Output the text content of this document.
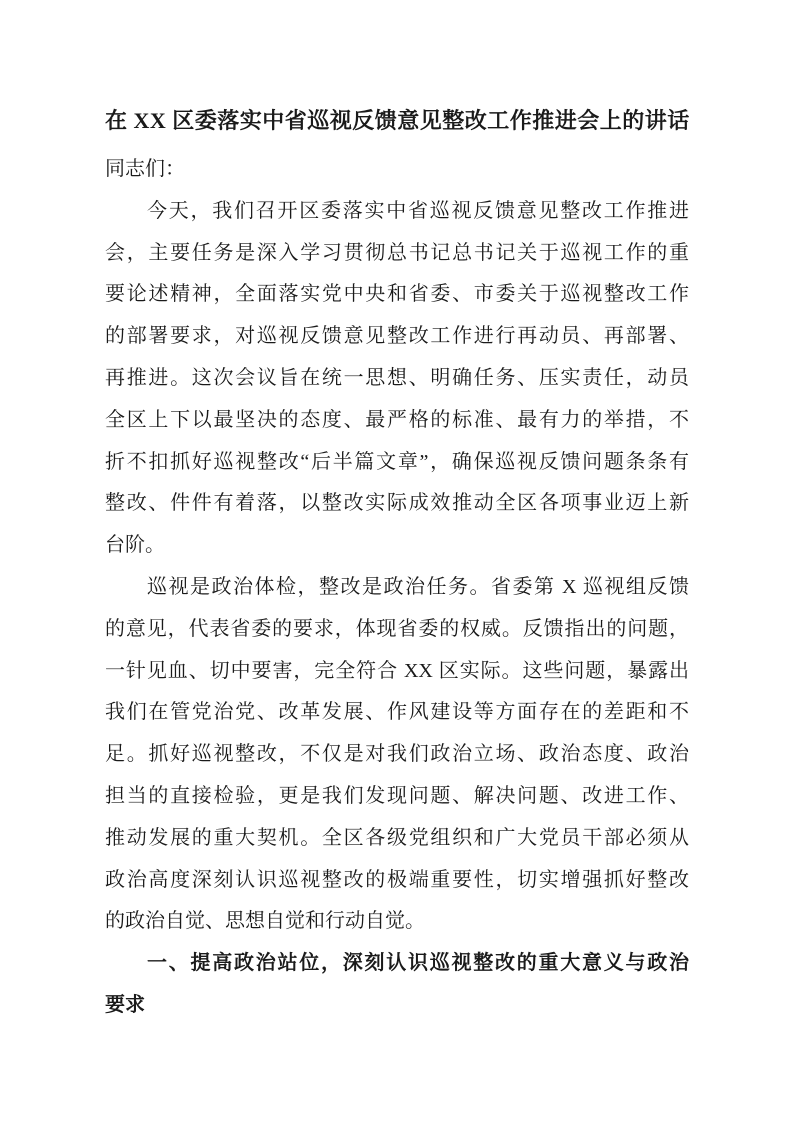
在 XX 区委落实中省巡视反馈意见整改工作推进会上的讲话
同志们：
今天，我们召开区委落实中省巡视反馈意见整改工作推进
会，主要任务是深入学习贯彻总书记总书记关于巡视工作的重
要论述精神，全面落实党中央和省委、市委关于巡视整改工作
的部署要求，对巡视反馈意见整改工作进行再动员、再部署、
再推进。这次会议旨在统一思想、明确任务、压实责任，动员
全区上下以最坚决的态度、最严格的标准、最有力的举措，不
折不扣抓好巡视整改“后半篇文章”，确保巡视反馈问题条条有
整改、件件有着落，以整改实际成效推动全区各项事业迈上新
台阶。
巡视是政治体检，整改是政治任务。省委第 X 巡视组反馈
的意见，代表省委的要求，体现省委的权威。反馈指出的问题，
一针见血、切中要害，完全符合 XX 区实际。这些问题，暴露出
我们在管党治党、改革发展、作风建设等方面存在的差距和不
足。抓好巡视整改，不仅是对我们政治立场、政治态度、政治
担当的直接检验，更是我们发现问题、解决问题、改进工作、
推动发展的重大契机。全区各级党组织和广大党员干部必须从
政治高度深刻认识巡视整改的极端重要性，切实增强抓好整改
的政治自觉、思想自觉和行动自觉。
一、提高政治站位，深刻认识巡视整改的重大意义与政治
要求
